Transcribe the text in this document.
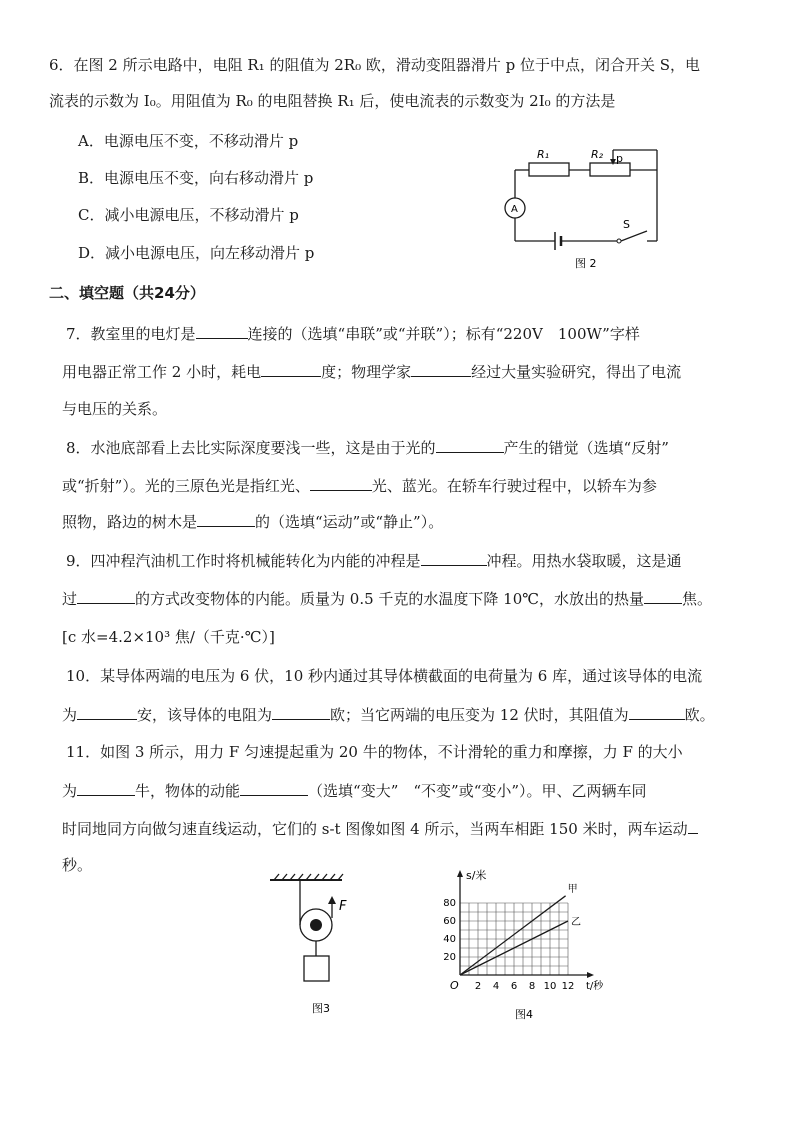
6．在图 2 所示电路中，电阻 R₁ 的阻值为 2R₀ 欧，滑动变阻器滑片 p 位于中点，闭合开关 S，电
流表的示数为 I₀。用阻值为 R₀ 的电阻替换 R₁ 后，使电流表的示数变为 2I₀ 的方法是
A．电源电压不变，不移动滑片 p
B．电源电压不变，向右移动滑片 p
C．减小电源电压，不移动滑片 p
D．减小电源电压，向左移动滑片 p
R₁	R₂ p
A
S
图 2
二、填空题（共24分）
7．教室里的电灯是	连接的（选填“串联”或“并联”）；标有“220V　100W”字样
用电器正常工作 2 小时，耗电	度；物理学家	经过大量实验研究，得出了电流
与电压的关系。
8．水池底部看上去比实际深度要浅一些，这是由于光的	产生的错觉（选填“反射”
或“折射”）。光的三原色光是指红光、	光、蓝光。在轿车行驶过程中，以轿车为参
照物，路边的树木是	的（选填“运动”或“静止”）。
9．四冲程汽油机工作时将机械能转化为内能的冲程是	冲程。用热水袋取暖，这是通
过	的方式改变物体的内能。质量为 0.5 千克的水温度下降 10℃，水放出的热量	焦。
[c 水=4.2×10³ 焦/（千克·℃）]
10．某导体两端的电压为 6 伏，10 秒内通过其导体横截面的电荷量为 6 库，通过该导体的电流
为	安，该导体的电阻为	欧；当它两端的电压变为 12 伏时，其阻值为	欧。
11．如图 3 所示，用力 F 匀速提起重为 20 牛的物体，不计滑轮的重力和摩擦，力 F 的大小
为	牛，物体的动能	（选填“变大”　“不变”或“变小”）。甲、乙两辆车同
时同地同方向做匀速直线运动，它们的 s-t 图像如图 4 所示，当两车相距 150 米时，两车运动
秒。
F
图3
2 4 6 8 10 12
20
40
60
80
O
s/米
t/秒
甲
乙
图4
